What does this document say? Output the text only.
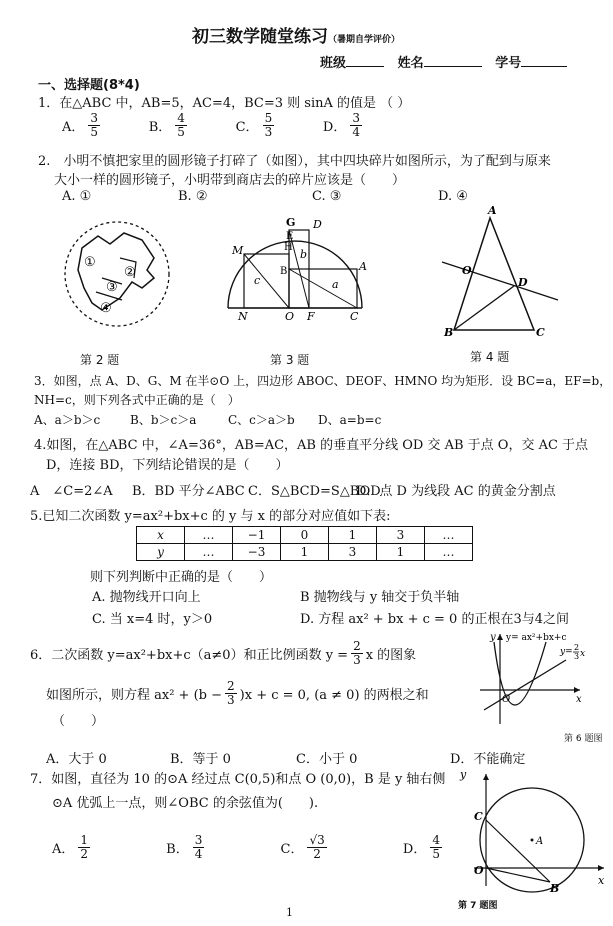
初三数学随堂练习（暑期自学评价）
班级	姓名	学号
一、选择题(8*4)
1．在△ABC 中，AB=5，AC=4，BC=3 则 sinA 的值是 （ ）
A． $\frac{3}{5}$	B． $\frac{4}{5}$	C． $\frac{5}{3}$	D． $\frac{3}{4}$
2.　小明不慎把家里的圆形镜子打碎了（如图），其中四块碎片如图所示，为了配到与原来
大小一样的圆形镜子，小明带到商店去的碎片应该是（　　）
A. ①	B. ②	C. ③	D. ④
①
②
③
④
G D
E
H
M	b
c
B	A
a
N	O F	C
A
O
D
B	C
第 2 题	第 3 题	第 4 题
3．如图，点 A、D、G、M 在半⊙O 上，四边形 ABOC、DEOF、HMNO 均为矩形．设 BC=a，EF=b，
NH=c，则下列各式中正确的是（　）
A、a＞b＞c B、b＞c＞a	C、c＞a＞b D、a=b=c
4.如图，在△ABC 中，∠A=36°，AB=AC，AB 的垂直平分线 OD 交 AB 于点 O，交 AC 于点
D，连接 BD，下列结论错误的是（　　）
A　∠C=2∠A B．BD 平分∠ABC C．S△BCD=S△BOD
D．点 D 为线段 AC 的黄金分割点
5.已知二次函数 y=ax²+bx+c 的 y 与 x 的部分对应值如下表:
x	…	−1	0	1	3	…
y	…	−3	1	3	1	…
则下列判断中正确的是（　　）
A. 抛物线开口向上	B 抛物线与 y 轴交于负半轴
C. 当 x=4 时，y＞0	D. 方程 ax² + bx + c = 0 的正根在3与4之间
6．二次函数 y=ax²+bx+c（a≠0）和正比例函数 $y = \frac{2}{3}$ x 的图象
如图所示，则方程 $ax^2 + (b - \frac{2}{3} )x + c = 0$, (a ≠ 0) 的两根之和
（　　）
y= ax²+bx+c
y= 2
3 x
x
y
O
第 6 题图
A．大于 0	B．等于 0	C．小于 0	D．不能确定
7．如图，直径为 10 的⊙A 经过点 C(0,5)和点 O (0,0)，B 是 y 轴右侧
⊙A 优弧上一点，则∠OBC 的余弦值为(　　).
A． $\frac{1}{2}$	B． $\frac{3}{4}$	C． $\frac{√3}{2}$	D． $\frac{4}{5}$
y
x
C
A
O
B
第 7 题图
1
